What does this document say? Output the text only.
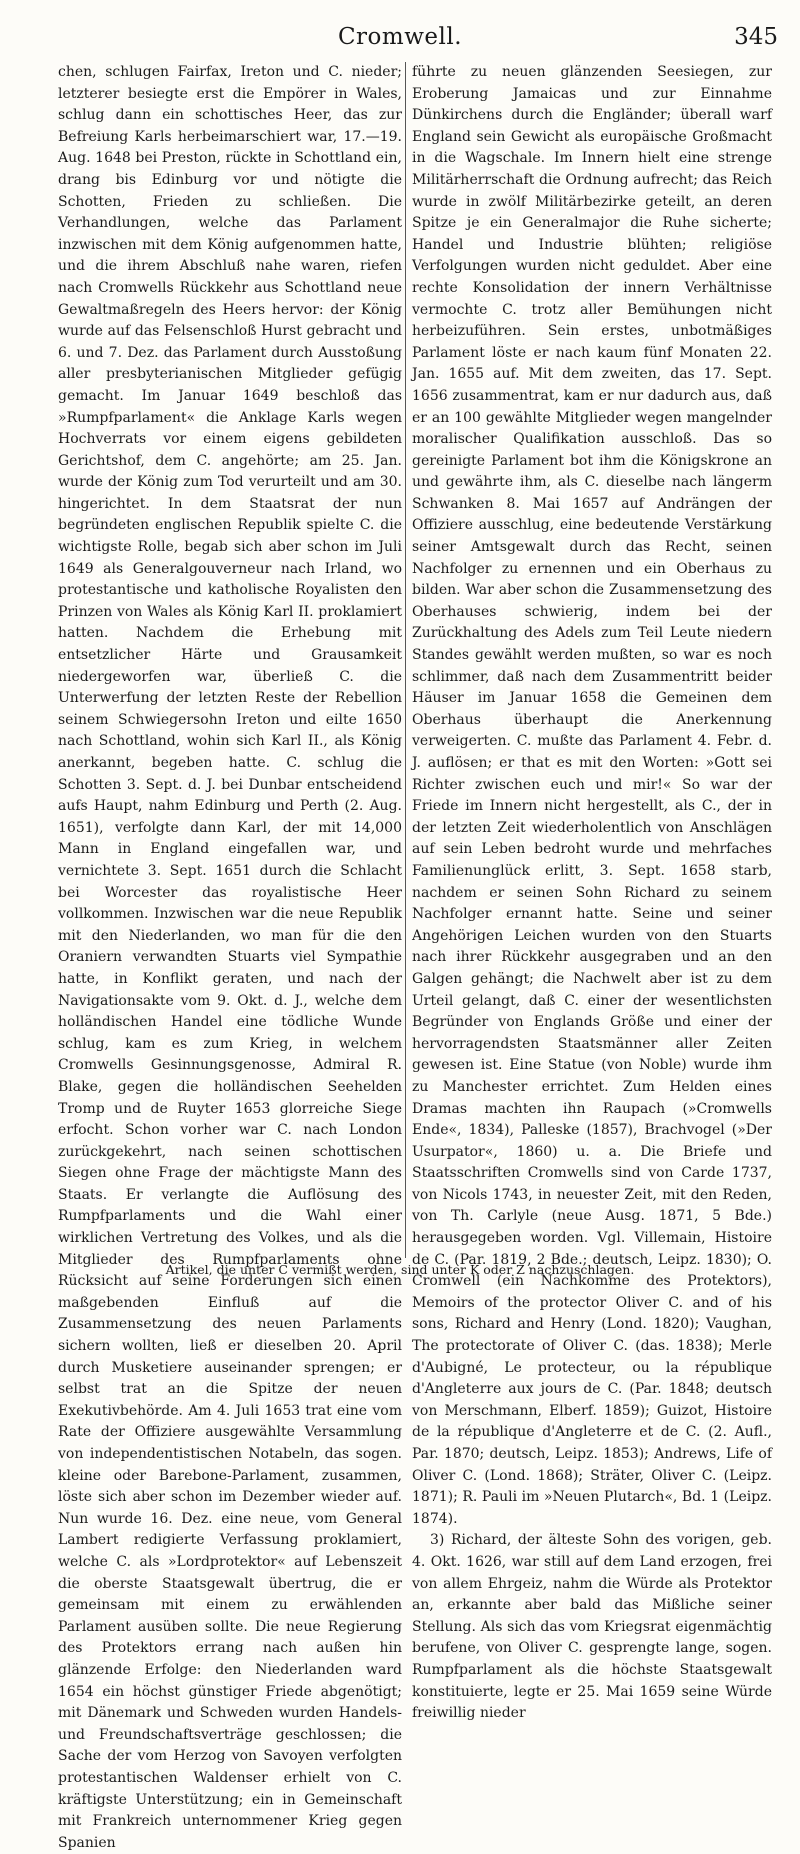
Cromwell.	345

chen, schlugen Fairfax, Ireton und C. nieder; letzterer besiegte erst die Empörer in Wales, schlug dann ein schottisches Heer, das zur Befreiung Karls herbeimarschiert war, 17.—19. Aug. 1648 bei Preston, rückte in Schottland ein, drang bis Edinburg vor und nötigte die Schotten, Frieden zu schließen. Die Verhandlungen, welche das Parlament inzwischen mit dem König aufgenommen hatte, und die ihrem Abschluß nahe waren, riefen nach Cromwells Rückkehr aus Schottland neue Gewaltmaßregeln des Heers hervor: der König wurde auf das Felsenschloß Hurst gebracht und 6. und 7. Dez. das Parlament durch Ausstoßung aller presbyterianischen Mitglieder gefügig gemacht. Im Januar 1649 beschloß das »Rumpfparlament« die Anklage Karls wegen Hochverrats vor einem eigens gebildeten Gerichtshof, dem C. angehörte; am 25. Jan. wurde der König zum Tod verurteilt und am 30. hingerichtet. In dem Staatsrat der nun begründeten englischen Republik spielte C. die wichtigste Rolle, begab sich aber schon im Juli 1649 als Generalgouverneur nach Irland, wo protestantische und katholische Royalisten den Prinzen von Wales als König Karl II. proklamiert hatten. Nachdem die Erhebung mit entsetzlicher Härte und Grausamkeit niedergeworfen war, überließ C. die Unterwerfung der letzten Reste der Rebellion seinem Schwiegersohn Ireton und eilte 1650 nach Schottland, wohin sich Karl II., als König anerkannt, begeben hatte. C. schlug die Schotten 3. Sept. d. J. bei Dunbar entscheidend aufs Haupt, nahm Edinburg und Perth (2. Aug. 1651), verfolgte dann Karl, der mit 14,000 Mann in England eingefallen war, und vernichtete 3. Sept. 1651 durch die Schlacht bei Worcester das royalistische Heer vollkommen. Inzwischen war die neue Republik mit den Niederlanden, wo man für die den Oraniern verwandten Stuarts viel Sympathie hatte, in Konflikt geraten, und nach der Navigationsakte vom 9. Okt. d. J., welche dem holländischen Handel eine tödliche Wunde schlug, kam es zum Krieg, in welchem Cromwells Gesinnungsgenosse, Admiral R. Blake, gegen die holländischen Seehelden Tromp und de Ruyter 1653 glorreiche Siege erfocht. Schon vorher war C. nach London zurückgekehrt, nach seinen schottischen Siegen ohne Frage der mächtigste Mann des Staats. Er verlangte die Auflösung des Rumpfparlaments und die Wahl einer wirklichen Vertretung des Volkes, und als die Mitglieder des Rumpfparlaments ohne Rücksicht auf seine Forderungen sich einen maßgebenden Einfluß auf die Zusammensetzung des neuen Parlaments sichern wollten, ließ er dieselben 20. April durch Musketiere auseinander sprengen; er selbst trat an die Spitze der neuen Exekutivbehörde. Am 4. Juli 1653 trat eine vom Rate der Offiziere ausgewählte Versammlung von independentistischen Notabeln, das sogen. kleine oder Barebone-Parlament, zusammen, löste sich aber schon im Dezember wieder auf. Nun wurde 16. Dez. eine neue, vom General Lambert redigierte Verfassung proklamiert, welche C. als »Lordprotektor« auf Lebenszeit die oberste Staatsgewalt übertrug, die er gemeinsam mit einem zu erwählenden Parlament ausüben sollte. Die neue Regierung des Protektors errang nach außen hin glänzende Erfolge: den Niederlanden ward 1654 ein höchst günstiger Friede abgenötigt; mit Dänemark und Schweden wurden Handels- und Freundschaftsverträge geschlossen; die Sache der vom Herzog von Savoyen verfolgten protestantischen Waldenser erhielt von C. kräftigste Unterstützung; ein in Gemeinschaft mit Frankreich unternommener Krieg gegen Spanien

führte zu neuen glänzenden Seesiegen, zur Eroberung Jamaicas und zur Einnahme Dünkirchens durch die Engländer; überall warf England sein Gewicht als europäische Großmacht in die Wagschale. Im Innern hielt eine strenge Militärherrschaft die Ordnung aufrecht; das Reich wurde in zwölf Militärbezirke geteilt, an deren Spitze je ein Generalmajor die Ruhe sicherte; Handel und Industrie blühten; religiöse Verfolgungen wurden nicht geduldet. Aber eine rechte Konsolidation der innern Verhältnisse vermochte C. trotz aller Bemühungen nicht herbeizuführen. Sein erstes, unbotmäßiges Parlament löste er nach kaum fünf Monaten 22. Jan. 1655 auf. Mit dem zweiten, das 17. Sept. 1656 zusammentrat, kam er nur dadurch aus, daß er an 100 gewählte Mitglieder wegen mangelnder moralischer Qualifikation ausschloß. Das so gereinigte Parlament bot ihm die Königskrone an und gewährte ihm, als C. dieselbe nach längerm Schwanken 8. Mai 1657 auf Andrängen der Offiziere ausschlug, eine bedeutende Verstärkung seiner Amtsgewalt durch das Recht, seinen Nachfolger zu ernennen und ein Oberhaus zu bilden. War aber schon die Zusammensetzung des Oberhauses schwierig, indem bei der Zurückhaltung des Adels zum Teil Leute niedern Standes gewählt werden mußten, so war es noch schlimmer, daß nach dem Zusammentritt beider Häuser im Januar 1658 die Gemeinen dem Oberhaus überhaupt die Anerkennung verweigerten. C. mußte das Parlament 4. Febr. d. J. auflösen; er that es mit den Worten: »Gott sei Richter zwischen euch und mir!« So war der Friede im Innern nicht hergestellt, als C., der in der letzten Zeit wiederholentlich von Anschlägen auf sein Leben bedroht wurde und mehrfaches Familienunglück erlitt, 3. Sept. 1658 starb, nachdem er seinen Sohn Richard zu seinem Nachfolger ernannt hatte. Seine und seiner Angehörigen Leichen wurden von den Stuarts nach ihrer Rückkehr ausgegraben und an den Galgen gehängt; die Nachwelt aber ist zu dem Urteil gelangt, daß C. einer der wesentlichsten Begründer von Englands Größe und einer der hervorragendsten Staatsmänner aller Zeiten gewesen ist. Eine Statue (von Noble) wurde ihm zu Manchester errichtet. Zum Helden eines Dramas machten ihn Raupach (»Cromwells Ende«, 1834), Palleske (1857), Brachvogel (»Der Usurpator«, 1860) u. a. Die Briefe und Staatsschriften Cromwells sind von Carde 1737, von Nicols 1743, in neuester Zeit, mit den Reden, von Th. Carlyle (neue Ausg. 1871, 5 Bde.) herausgegeben worden. Vgl. Villemain, Histoire de C. (Par. 1819, 2 Bde.; deutsch, Leipz. 1830); O. Cromwell (ein Nachkomme des Protektors), Memoirs of the protector Oliver C. and of his sons, Richard and Henry (Lond. 1820); Vaughan, The protectorate of Oliver C. (das. 1838); Merle d'Aubigné, Le protecteur, ou la république d'Angleterre aux jours de C. (Par. 1848; deutsch von Merschmann, Elberf. 1859); Guizot, Histoire de la république d'Angleterre et de C. (2. Aufl., Par. 1870; deutsch, Leipz. 1853); Andrews, Life of Oliver C. (Lond. 1868); Sträter, Oliver C. (Leipz. 1871); R. Pauli im »Neuen Plutarch«, Bd. 1 (Leipz. 1874).

3) Richard, der älteste Sohn des vorigen, geb. 4. Okt. 1626, war still auf dem Land erzogen, frei von allem Ehrgeiz, nahm die Würde als Protektor an, erkannte aber bald das Mißliche seiner Stellung. Als sich das vom Kriegsrat eigenmächtig berufene, von Oliver C. gesprengte lange, sogen. Rumpfparlament als die höchste Staatsgewalt konstituierte, legte er 25. Mai 1659 seine Würde freiwillig nieder

Artikel, die unter C vermißt werden, sind unter K oder Z nachzuschlagen.
